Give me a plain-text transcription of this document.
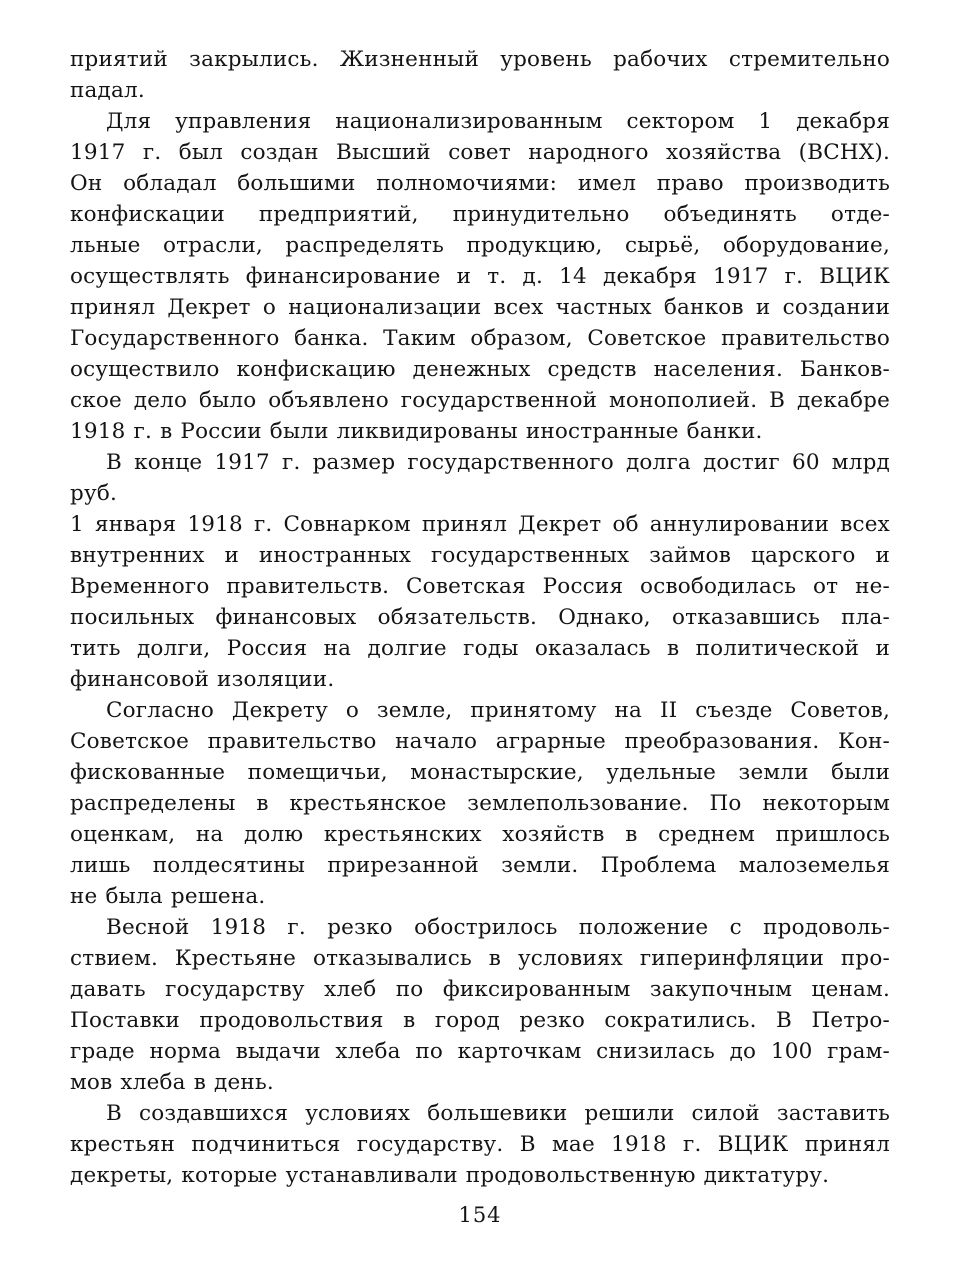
приятий закрылись. Жизненный уровень рабочих стремительно
падал.
Для управления национализированным сектором 1 декабря
1917 г. был создан Высший совет народного хозяйства (ВСНХ).
Он обладал большими полномочиями: имел право производить
конфискации предприятий, принудительно объединять отде-
льные отрасли, распределять продукцию, сырьё, оборудование,
осуществлять финансирование и т. д. 14 декабря 1917 г. ВЦИК
принял Декрет о национализации всех частных банков и создании
Государственного банка. Таким образом, Советское правительство
осуществило конфискацию денежных средств населения. Банков-
ское дело было объявлено государственной монополией. В декабре
1918 г. в России были ликвидированы иностранные банки.
В конце 1917 г. размер государственного долга достиг 60 млрд руб.
1 января 1918 г. Совнарком принял Декрет об аннулировании всех
внутренних и иностранных государственных займов царского и
Временного правительств. Советская Россия освободилась от не-
посильных финансовых обязательств. Однако, отказавшись пла-
тить долги, Россия на долгие годы оказалась в политической и
финансовой изоляции.
Согласно Декрету о земле, принятому на II съезде Советов,
Советское правительство начало аграрные преобразования. Кон-
фискованные помещичьи, монастырские, удельные земли были
распределены в крестьянское землепользование. По некоторым
оценкам, на долю крестьянских хозяйств в среднем пришлось
лишь полдесятины прирезанной земли. Проблема малоземелья
не была решена.
Весной 1918 г. резко обострилось положение с продоволь-
ствием. Крестьяне отказывались в условиях гиперинфляции про-
давать государству хлеб по фиксированным закупочным ценам.
Поставки продовольствия в город резко сократились. В Петро-
граде норма выдачи хлеба по карточкам снизилась до 100 грам-
мов хлеба в день.
В создавшихся условиях большевики решили силой заставить
крестьян подчиниться государству. В мае 1918 г. ВЦИК принял
декреты, которые устанавливали продовольственную диктатуру.
154
